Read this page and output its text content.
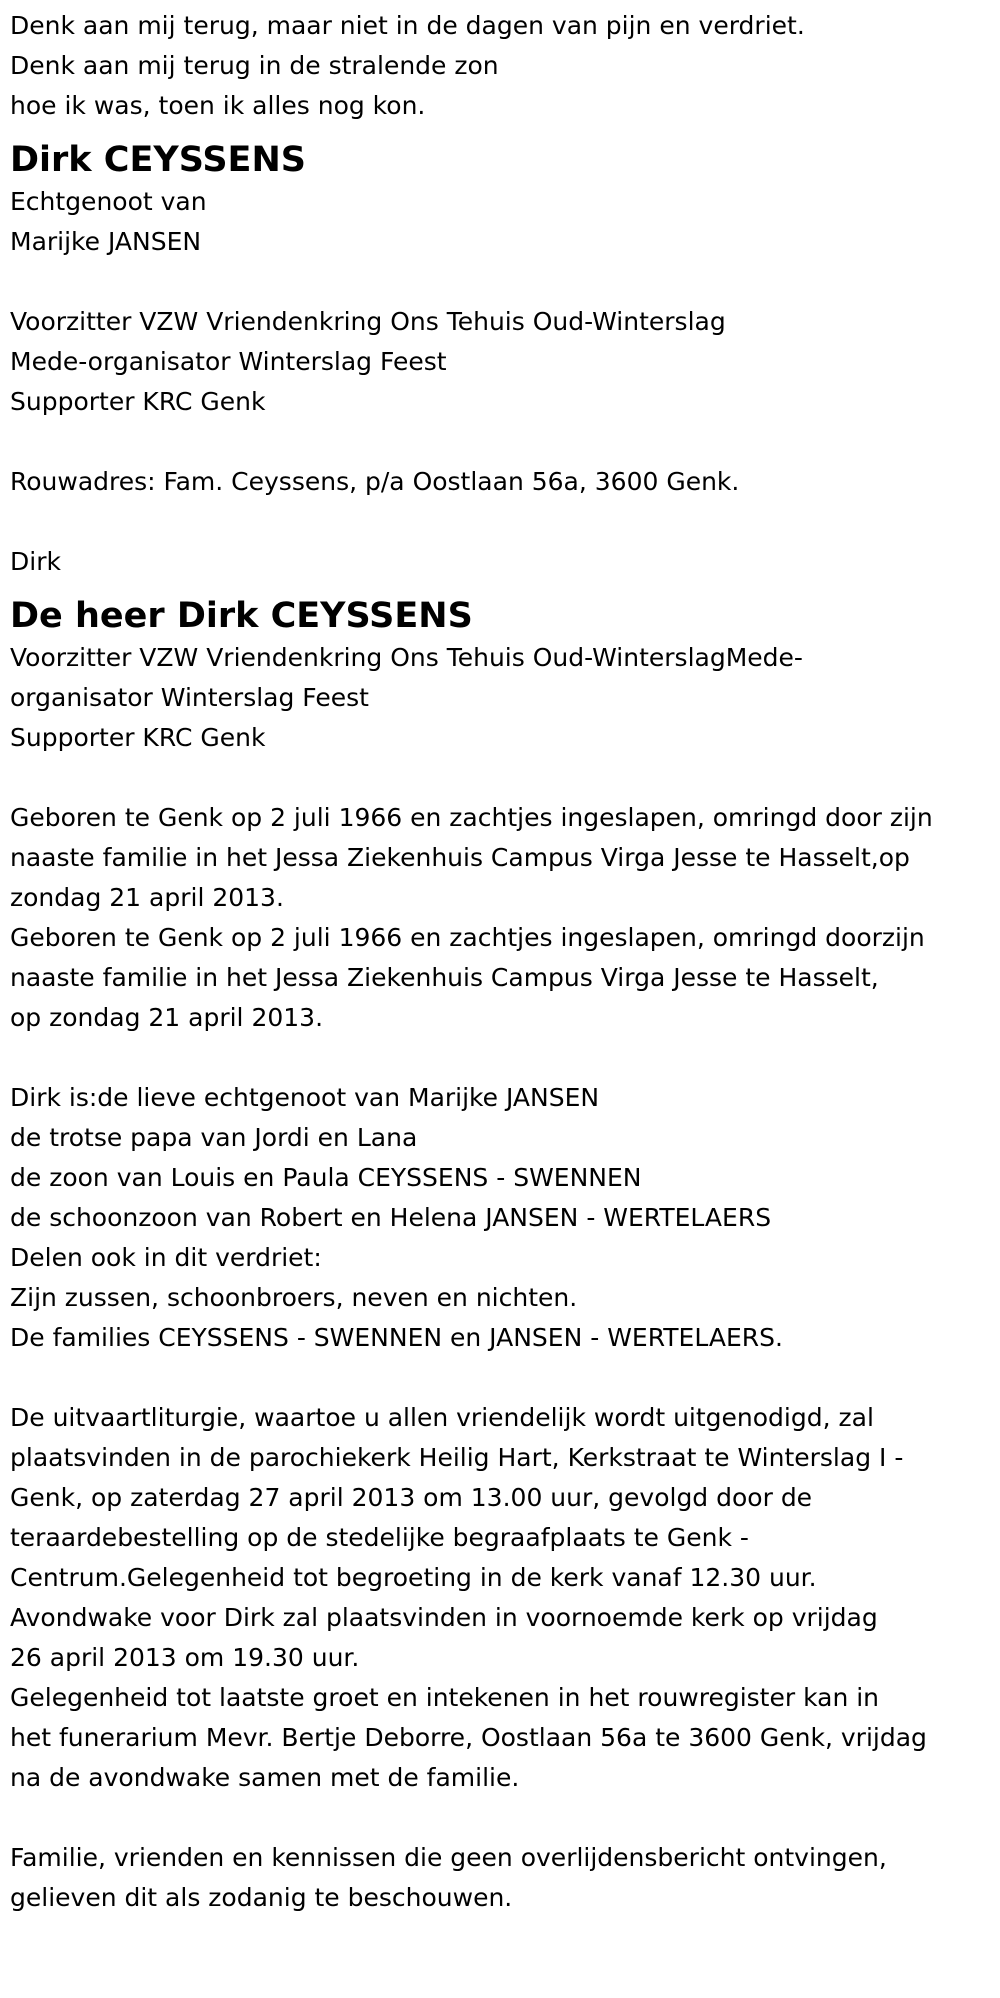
Denk aan mij terug, maar niet in de dagen van pijn en verdriet.
Denk aan mij terug in de stralende zon
hoe ik was, toen ik alles nog kon.
Dirk CEYSSENS
Echtgenoot van
Marijke JANSEN
Voorzitter VZW Vriendenkring Ons Tehuis Oud-Winterslag
Mede-organisator Winterslag Feest
Supporter KRC Genk
Rouwadres: Fam. Ceyssens, p/a Oostlaan 56a, 3600 Genk.
Dirk
De heer Dirk CEYSSENS
Voorzitter VZW Vriendenkring Ons Tehuis Oud-WinterslagMede-
organisator Winterslag Feest
Supporter KRC Genk
Geboren te Genk op 2 juli 1966 en zachtjes ingeslapen, omringd door zijn
naaste familie in het Jessa Ziekenhuis Campus Virga Jesse te Hasselt,op
zondag 21 april 2013.
Geboren te Genk op 2 juli 1966 en zachtjes ingeslapen, omringd doorzijn
naaste familie in het Jessa Ziekenhuis Campus Virga Jesse te Hasselt,
op zondag 21 april 2013.
Dirk is:de lieve echtgenoot van Marijke JANSEN
de trotse papa van Jordi en Lana
de zoon van Louis en Paula CEYSSENS - SWENNEN
de schoonzoon van Robert en Helena JANSEN - WERTELAERS
Delen ook in dit verdriet:
Zijn zussen, schoonbroers, neven en nichten.
De families CEYSSENS - SWENNEN en JANSEN - WERTELAERS.
De uitvaartliturgie, waartoe u allen vriendelijk wordt uitgenodigd, zal
plaatsvinden in de parochiekerk Heilig Hart, Kerkstraat te Winterslag I -
Genk, op zaterdag 27 april 2013 om 13.00 uur, gevolgd door de
teraardebestelling op de stedelijke begraafplaats te Genk -
Centrum.Gelegenheid tot begroeting in de kerk vanaf 12.30 uur.
Avondwake voor Dirk zal plaatsvinden in voornoemde kerk op vrijdag
26 april 2013 om 19.30 uur.
Gelegenheid tot laatste groet en intekenen in het rouwregister kan in
het funerarium Mevr. Bertje Deborre, Oostlaan 56a te 3600 Genk, vrijdag
na de avondwake samen met de familie.
Familie, vrienden en kennissen die geen overlijdensbericht ontvingen,
gelieven dit als zodanig te beschouwen.
